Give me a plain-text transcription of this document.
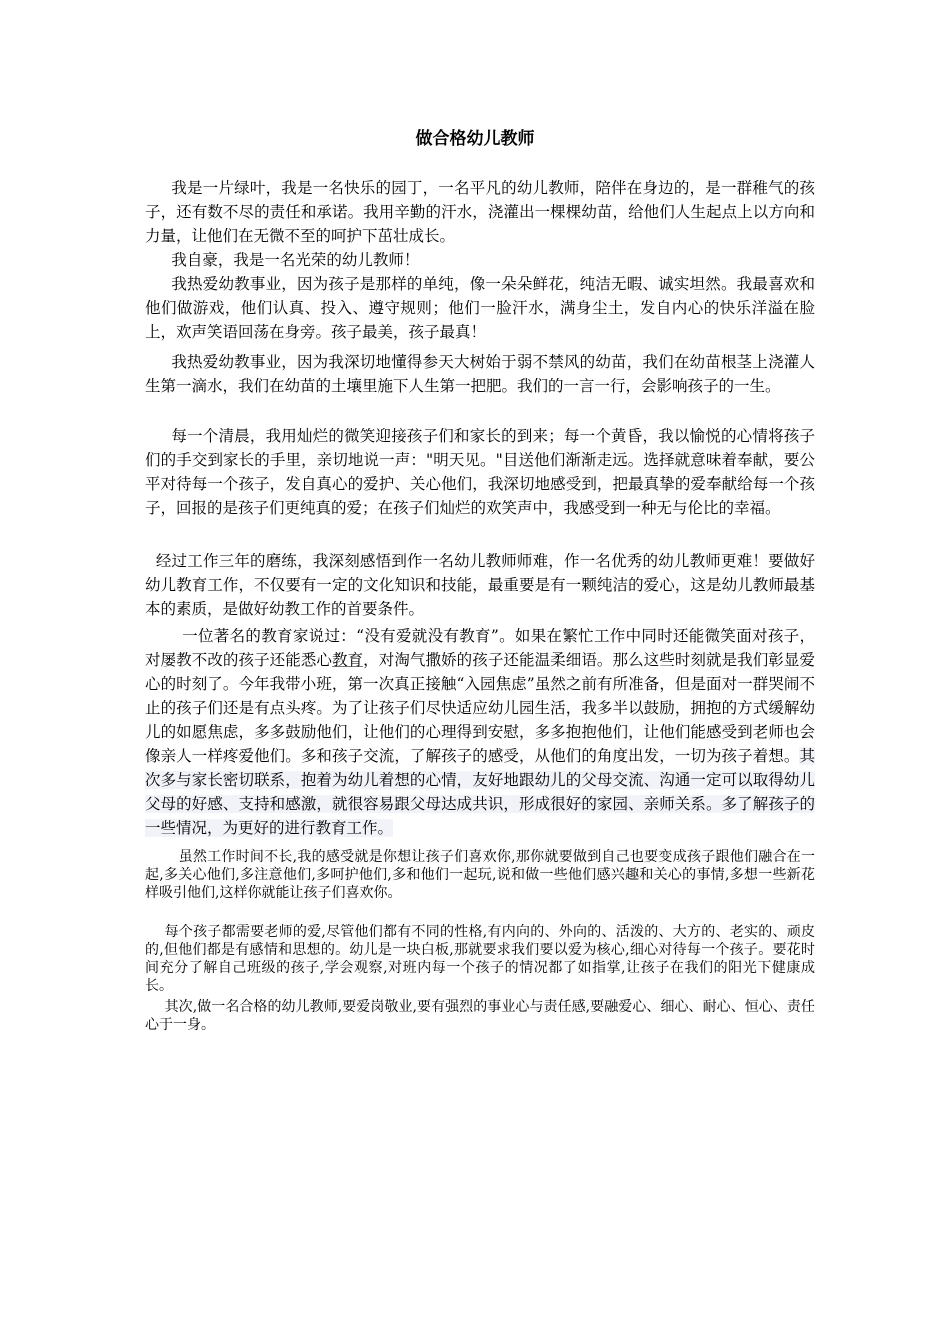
做合格幼儿教师

我是一片绿叶，我是一名快乐的园丁，一名平凡的幼儿教师，陪伴在身边的，是一群稚气的孩子，还有数不尽的责任和承诺。我用辛勤的汗水，浇灌出一棵棵幼苗，给他们人生起点上以方向和力量，让他们在无微不至的呵护下茁壮成长。

我自豪，我是一名光荣的幼儿教师！

我热爱幼教事业，因为孩子是那样的单纯，像一朵朵鲜花，纯洁无暇、诚实坦然。我最喜欢和他们做游戏，他们认真、投入、遵守规则；他们一脸汗水，满身尘土，发自内心的快乐洋溢在脸上，欢声笑语回荡在身旁。孩子最美，孩子最真！

我热爱幼教事业，因为我深切地懂得参天大树始于弱不禁风的幼苗，我们在幼苗根茎上浇灌人生第一滴水，我们在幼苗的土壤里施下人生第一把肥。我们的一言一行，会影响孩子的一生。

每一个清晨，我用灿烂的微笑迎接孩子们和家长的到来；每一个黄昏，我以愉悦的心情将孩子们的手交到家长的手里，亲切地说一声："明天见。"目送他们渐渐走远。选择就意味着奉献，要公平对待每一个孩子，发自真心的爱护、关心他们，我深切地感受到，把最真挚的爱奉献给每一个孩子，回报的是孩子们更纯真的爱；在孩子们灿烂的欢笑声中，我感受到一种无与伦比的幸福。

经过工作三年的磨练，我深刻感悟到作一名幼儿教师师难，作一名优秀的幼儿教师更难！要做好幼儿教育工作，不仅要有一定的文化知识和技能，最重要是有一颗纯洁的爱心，这是幼儿教师最基本的素质，是做好幼教工作的首要条件。

一位著名的教育家说过：“没有爱就没有教育”。如果在繁忙工作中同时还能微笑面对孩子，对屡教不改的孩子还能悉心教育，对淘气撒娇的孩子还能温柔细语。那么这些时刻就是我们彰显爱心的时刻了。今年我带小班，第一次真正接触“入园焦虑”虽然之前有所准备，但是面对一群哭闹不止的孩子们还是有点头疼。为了让孩子们尽快适应幼儿园生活，我多半以鼓励，拥抱的方式缓解幼儿的如愿焦虑，多多鼓励他们，让他们的心理得到安慰，多多抱抱他们，让他们能感受到老师也会像亲人一样疼爱他们。多和孩子交流，了解孩子的感受，从他们的角度出发，一切为孩子着想。其次多与家长密切联系，抱着为幼儿着想的心情，友好地跟幼儿的父母交流、沟通一定可以取得幼儿父母的好感、支持和感激，就很容易跟父母达成共识，形成很好的家园、亲师关系。多了解孩子的一些情况，为更好的进行教育工作。

虽然工作时间不长,我的感受就是你想让孩子们喜欢你,那你就要做到自己也要变成孩子跟他们融合在一起,多关心他们,多注意他们,多呵护他们,多和他们一起玩,说和做一些他们感兴趣和关心的事情,多想一些新花样吸引他们,这样你就能让孩子们喜欢你。

每个孩子都需要老师的爱,尽管他们都有不同的性格,有内向的、外向的、活泼的、大方的、老实的、顽皮的,但他们都是有感情和思想的。幼儿是一块白板,那就要求我们要以爱为核心,细心对待每一个孩子。要花时间充分了解自己班级的孩子,学会观察,对班内每一个孩子的情况都了如指掌,让孩子在我们的阳光下健康成长。

其次,做一名合格的幼儿教师,要爱岗敬业,要有强烈的事业心与责任感,要融爱心、细心、耐心、恒心、责任心于一身。
